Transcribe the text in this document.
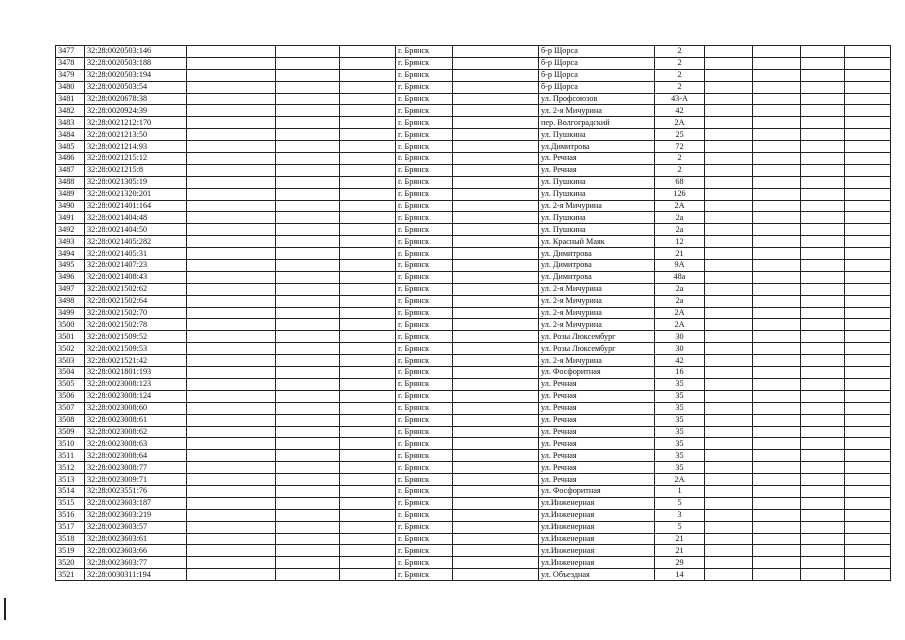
3477	32:28:0020503:146				г. Брянск		б-р Щорса	2				
3478	32:28:0020503:188				г. Брянск		б-р Щорса	2				
3479	32:28:0020503:194				г. Брянск		б-р Щорса	2				
3480	32:28:0020503:54				г. Брянск		б-р Щорса	2				
3481	32:28:0020678:38				г. Брянск		ул. Профсоюзов	43-А				
3482	32:28:0020924:39				г. Брянск		ул. 2-я Мичурина	42				
3483	32:28:0021212:170				г. Брянск		пер. Волгоградский	2А				
3484	32:28:0021213:50				г. Брянск		ул. Пушкина	25				
3485	32:28:0021214:93				г. Брянск		ул.Димитрова	72				
3486	32:28:0021215:12				г. Брянск		ул. Речная	2				
3487	32:28:0021215:8				г. Брянск		ул. Речная	2				
3488	32:28:0021305:19				г. Брянск		ул. Пушкина	68				
3489	32:28:0021320:201				г. Брянск		ул. Пушкина	126				
3490	32:28:0021401:164				г. Брянск		ул. 2-я Мичурина	2А				
3491	32:28:0021404:48				г. Брянск		ул. Пушкина	2а				
3492	32:28:0021404:50				г. Брянск		ул. Пушкина	2а				
3493	32:28:0021405:282				г. Брянск		ул. Красный Маяк	12				
3494	32:28:0021405:31				г. Брянск		ул. Димитрова	21				
3495	32:28:0021407:23				г. Брянск		ул. Димитрова	9А				
3496	32:28:0021408:43				г. Брянск		ул. Димитрова	48а				
3497	32:28:0021502:62				г. Брянск		ул. 2-я Мичурина	2а				
3498	32:28:0021502:64				г. Брянск		ул. 2-я Мичурина	2а				
3499	32:28:0021502:70				г. Брянск		ул. 2-я Мичурина	2А				
3500	32:28:0021502:78				г. Брянск		ул. 2-я Мичурина	2А				
3501	32:28:0021509:52				г. Брянск		ул. Розы Люксембург	30				
3502	32:28:0021509:53				г. Брянск		ул. Розы Люксембург	30				
3503	32:28:0021521:42				г. Брянск		ул. 2-я Мичурина	42				
3504	32:28:0021801:193				г. Брянск		ул. Фосфоритная	16				
3505	32:28:0023008:123				г. Брянск		ул. Речная	35				
3506	32:28:0023008:124				г. Брянск		ул. Речная	35				
3507	32:28:0023008:60				г. Брянск		ул. Речная	35				
3508	32:28:0023008:61				г. Брянск		ул. Речная	35				
3509	32:28:0023008:62				г. Брянск		ул. Речная	35				
3510	32:28:0023008:63				г. Брянск		ул. Речная	35				
3511	32:28:0023008:64				г. Брянск		ул. Речная	35				
3512	32:28:0023008:77				г. Брянск		ул. Речная	35				
3513	32:28:0023009:71				г. Брянск		ул. Речная	2А				
3514	32:28:0023551:76				г. Брянск		ул. Фосфоритная	1				
3515	32:28:0023603:187				г. Брянск		ул.Инженерная	5				
3516	32:28:0023603:219				г. Брянск		ул.Инженерная	3				
3517	32:28:0023603:57				г. Брянск		ул.Инженерная	5				
3518	32:28:0023603:61				г. Брянск		ул.Инженерная	21				
3519	32:28:0023603:66				г. Брянск		ул.Инженерная	21				
3520	32:28:0023603:77				г. Брянск		ул.Инженерная	29				
3521	32:28:0030311:194				г. Брянск		ул. Объездная	14				
